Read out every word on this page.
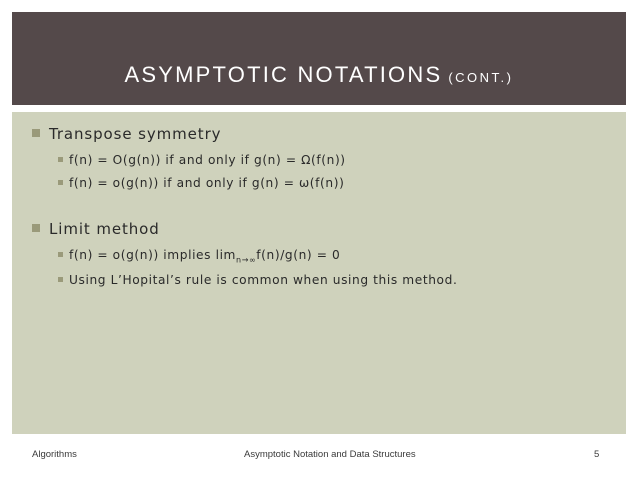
ASYMPTOTIC NOTATIONS (CONT.)
Transpose symmetry
f(n) = O(g(n)) if and only if g(n) = Ω(f(n))
f(n) = o(g(n)) if and only if g(n) = ω(f(n))
Limit method
f(n) = o(g(n)) implies $\lim_{n\to\infty}f(n)/g(n) = 0$
Using L’Hopital’s rule is common when using this method.
Algorithms	Asymptotic Notation and Data Structures	5
